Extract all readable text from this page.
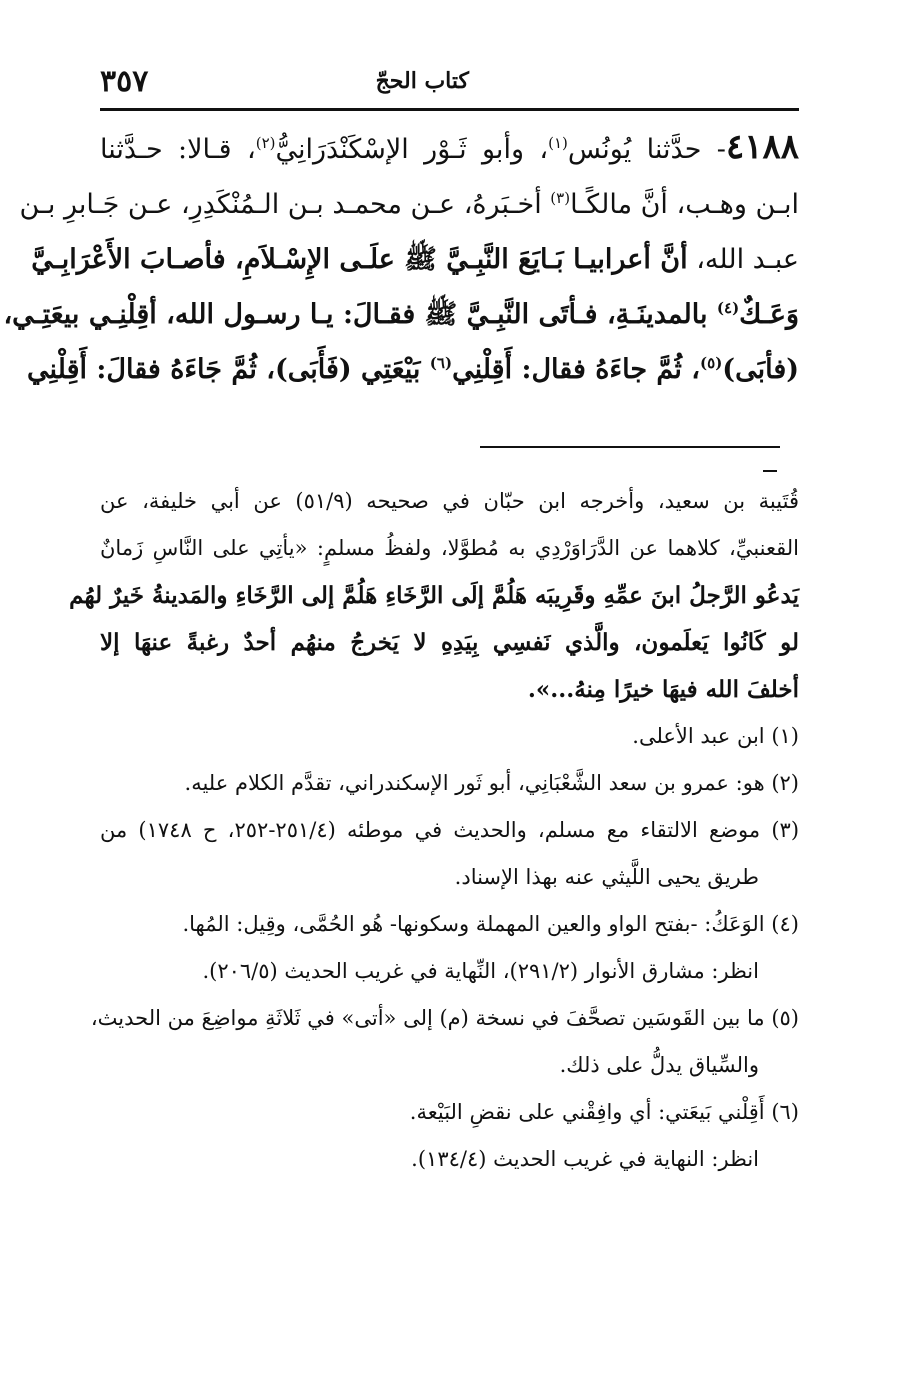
كتاب الحجّ
٣٥٧
٤١٨٨- حدَّثنا يُونُس$^{(١)}$، وأبو ثَـوْر الإسْكَنْدَرَانِيُّ$^{(٢)}$، قـالا: حـدَّثنا
ابـن وهـب، أنَّ مالكًـا$^{(٣)}$ أخـبَرهُ، عـن محمـد بـن الـمُنْكَدِرِ، عـن جَـابرِ بـن
عبـد الله، أنَّ أعرابيـا بَـايَعَ النَّبِـيَّ ﷺ علَـى الإِسْـلاَمِ، فأصـابَ الأَعْرَابِـيَّ
وَعَـكٌ$^{(٤)}$ بالمدينَـةِ، فـأتَى النَّبِـيَّ ﷺ فقـالَ: يـا رسـول الله، أقِلْنِـي بيعَتِـي،
(فأبَى)$^{(٥)}$، ثُمَّ جاءَهُ فقال: أَقِلْنِي$^{(٦)}$ بَيْعَتِي (فَأَبَى)، ثُمَّ جَاءَهُ فقالَ: أَقِلْنِي
قُتَيبة بن سعيد، وأخرجه ابن حبّان في صحيحه (٥١/٩) عن أبي خليفة، عن
القعنبيِّ، كلاهما عن الدَّرَاوَرْدِي به مُطوَّلا، ولفظُ مسلمٍ: «يأتِي على النَّاسِ زَمانٌ
يَدعُو الرَّجلُ ابنَ عمِّهِ وقَرِيبَه هَلُمَّ إلَى الرَّخَاءِ هَلُمَّ إلى الرَّخَاءِ والمَدينةُ خَيرٌ لهُم
لو كَانُوا يَعلَمون، والَّذي نَفسِي بِيَدِهِ لا يَخرجُ منهُم أحدٌ رغبةً عنهَا إلا
أخلفَ الله فيهَا خيرًا مِنهُ...».
(١) ابن عبد الأعلى.
(٢) هو: عمرو بن سعد الشَّعْبَانِي، أبو ثَور الإسكندراني، تقدَّم الكلام عليه.
(٣) موضع الالتقاء مع مسلم، والحديث في موطئه (٢٥١/٤-٢٥٢، ح ١٧٤٨) من
طريق يحيى اللَّيثي عنه بهذا الإسناد.
(٤) الوَعَكُ: -بفتح الواو والعين المهملة وسكونها- هُو الحُمَّى، وقِيل: المُها.
انظر: مشارق الأنوار (٢٩١/٢)، النِّهاية في غريب الحديث (٢٠٦/٥).
(٥) ما بين القَوسَين تصحَّفَ في نسخة (م) إلى «أتى» في ثَلاثَةِ مواضِعَ من الحديث،
والسِّياق يدلُّ على ذلك.
(٦) أَقِلْني بَيعَتي: أي وافِقْني على نقضِ البَيْعة.
انظر: النهاية في غريب الحديث (١٣٤/٤).
